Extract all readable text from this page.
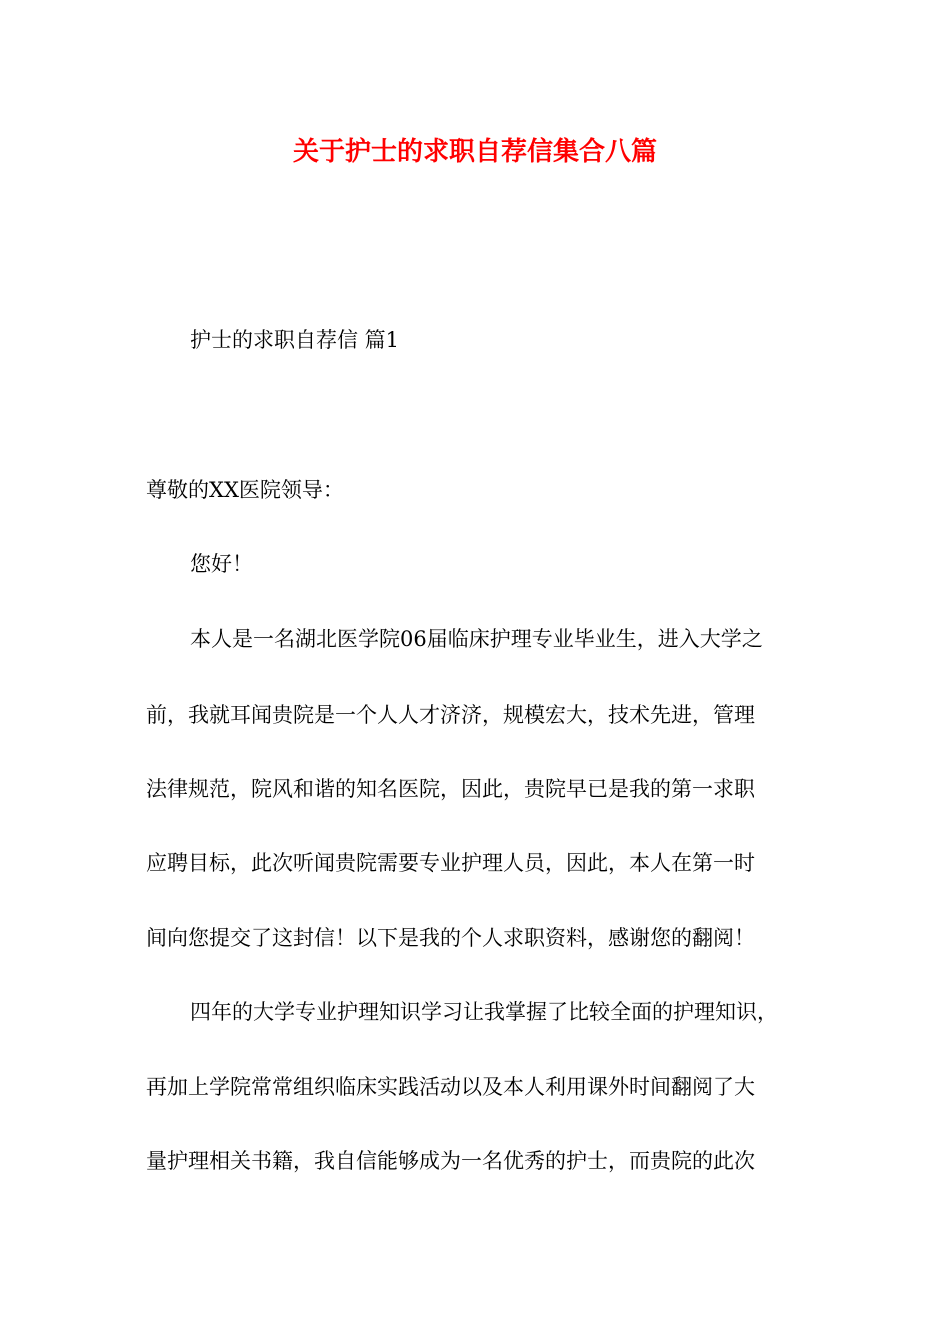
关于护士的求职自荐信集合八篇
护士的求职自荐信 篇1
尊敬的XX医院领导：
您好！
本人是一名湖北医学院06届临床护理专业毕业生，进入大学之
前，我就耳闻贵院是一个人人才济济，规模宏大，技术先进，管理
法律规范，院风和谐的知名医院，因此，贵院早已是我的第一求职
应聘目标，此次听闻贵院需要专业护理人员，因此，本人在第一时
间向您提交了这封信！以下是我的个人求职资料，感谢您的翻阅！
四年的大学专业护理知识学习让我掌握了比较全面的护理知识，
再加上学院常常组织临床实践活动以及本人利用课外时间翻阅了大
量护理相关书籍，我自信能够成为一名优秀的护士，而贵院的此次
